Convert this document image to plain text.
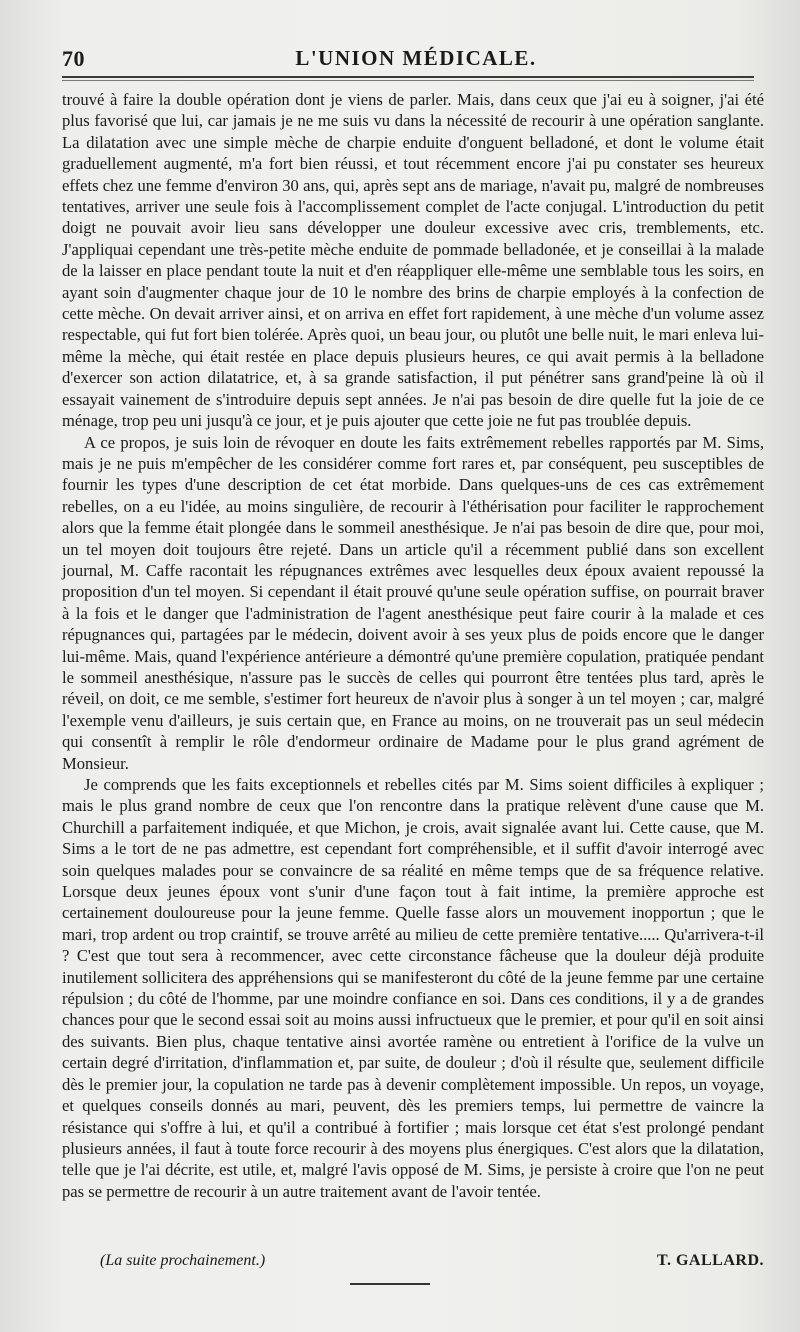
70	L'UNION MÉDICALE.

trouvé à faire la double opération dont je viens de parler. Mais, dans ceux que j'ai eu à soigner, j'ai été plus favorisé que lui, car jamais je ne me suis vu dans la nécessité de recourir à une opération sanglante. La dilatation avec une simple mèche de charpie enduite d'onguent belladoné, et dont le volume était graduellement augmenté, m'a fort bien réussi, et tout récemment encore j'ai pu constater ses heureux effets chez une femme d'environ 30 ans, qui, après sept ans de mariage, n'avait pu, malgré de nombreuses tentatives, arriver une seule fois à l'accomplissement complet de l'acte conjugal. L'introduction du petit doigt ne pouvait avoir lieu sans développer une douleur excessive avec cris, tremblements, etc. J'appliquai cependant une très-petite mèche enduite de pommade belladonée, et je conseillai à la malade de la laisser en place pendant toute la nuit et d'en réappliquer elle-même une semblable tous les soirs, en ayant soin d'augmenter chaque jour de 10 le nombre des brins de charpie employés à la confection de cette mèche. On devait arriver ainsi, et on arriva en effet fort rapidement, à une mèche d'un volume assez respectable, qui fut fort bien tolérée. Après quoi, un beau jour, ou plutôt une belle nuit, le mari enleva lui-même la mèche, qui était restée en place depuis plusieurs heures, ce qui avait permis à la belladone d'exercer son action dilatatrice, et, à sa grande satisfaction, il put pénétrer sans grand'peine là où il essayait vainement de s'introduire depuis sept années. Je n'ai pas besoin de dire quelle fut la joie de ce ménage, trop peu uni jusqu'à ce jour, et je puis ajouter que cette joie ne fut pas troublée depuis.

A ce propos, je suis loin de révoquer en doute les faits extrêmement rebelles rapportés par M. Sims, mais je ne puis m'empêcher de les considérer comme fort rares et, par conséquent, peu susceptibles de fournir les types d'une description de cet état morbide. Dans quelques-uns de ces cas extrêmement rebelles, on a eu l'idée, au moins singulière, de recourir à l'éthérisation pour faciliter le rapprochement alors que la femme était plongée dans le sommeil anesthésique. Je n'ai pas besoin de dire que, pour moi, un tel moyen doit toujours être rejeté. Dans un article qu'il a récemment publié dans son excellent journal, M. Caffe racontait les répugnances extrêmes avec lesquelles deux époux avaient repoussé la proposition d'un tel moyen. Si cependant il était prouvé qu'une seule opération suffise, on pourrait braver à la fois et le danger que l'administration de l'agent anesthésique peut faire courir à la malade et ces répugnances qui, partagées par le médecin, doivent avoir à ses yeux plus de poids encore que le danger lui-même. Mais, quand l'expérience antérieure a démontré qu'une première copulation, pratiquée pendant le sommeil anesthésique, n'assure pas le succès de celles qui pourront être tentées plus tard, après le réveil, on doit, ce me semble, s'estimer fort heureux de n'avoir plus à songer à un tel moyen ; car, malgré l'exemple venu d'ailleurs, je suis certain que, en France au moins, on ne trouverait pas un seul médecin qui consentît à remplir le rôle d'endormeur ordinaire de Madame pour le plus grand agrément de Monsieur.

Je comprends que les faits exceptionnels et rebelles cités par M. Sims soient difficiles à expliquer ; mais le plus grand nombre de ceux que l'on rencontre dans la pratique relèvent d'une cause que M. Churchill a parfaitement indiquée, et que Michon, je crois, avait signalée avant lui. Cette cause, que M. Sims a le tort de ne pas admettre, est cependant fort compréhensible, et il suffit d'avoir interrogé avec soin quelques malades pour se convaincre de sa réalité en même temps que de sa fréquence relative. Lorsque deux jeunes époux vont s'unir d'une façon tout à fait intime, la première approche est certainement douloureuse pour la jeune femme. Quelle fasse alors un mouvement inopportun ; que le mari, trop ardent ou trop craintif, se trouve arrêté au milieu de cette première tentative..... Qu'arrivera-t-il ? C'est que tout sera à recommencer, avec cette circonstance fâcheuse que la douleur déjà produite inutilement sollicitera des appréhensions qui se manifesteront du côté de la jeune femme par une certaine répulsion ; du côté de l'homme, par une moindre confiance en soi. Dans ces conditions, il y a de grandes chances pour que le second essai soit au moins aussi infructueux que le premier, et pour qu'il en soit ainsi des suivants. Bien plus, chaque tentative ainsi avortée ramène ou entretient à l'orifice de la vulve un certain degré d'irritation, d'inflammation et, par suite, de douleur ; d'où il résulte que, seulement difficile dès le premier jour, la copulation ne tarde pas à devenir complètement impossible. Un repos, un voyage, et quelques conseils donnés au mari, peuvent, dès les premiers temps, lui permettre de vaincre la résistance qui s'offre à lui, et qu'il a contribué à fortifier ; mais lorsque cet état s'est prolongé pendant plusieurs années, il faut à toute force recourir à des moyens plus énergiques. C'est alors que la dilatation, telle que je l'ai décrite, est utile, et, malgré l'avis opposé de M. Sims, je persiste à croire que l'on ne peut pas se permettre de recourir à un autre traitement avant de l'avoir tentée.

(La suite prochainement.)	T. GALLARD.
